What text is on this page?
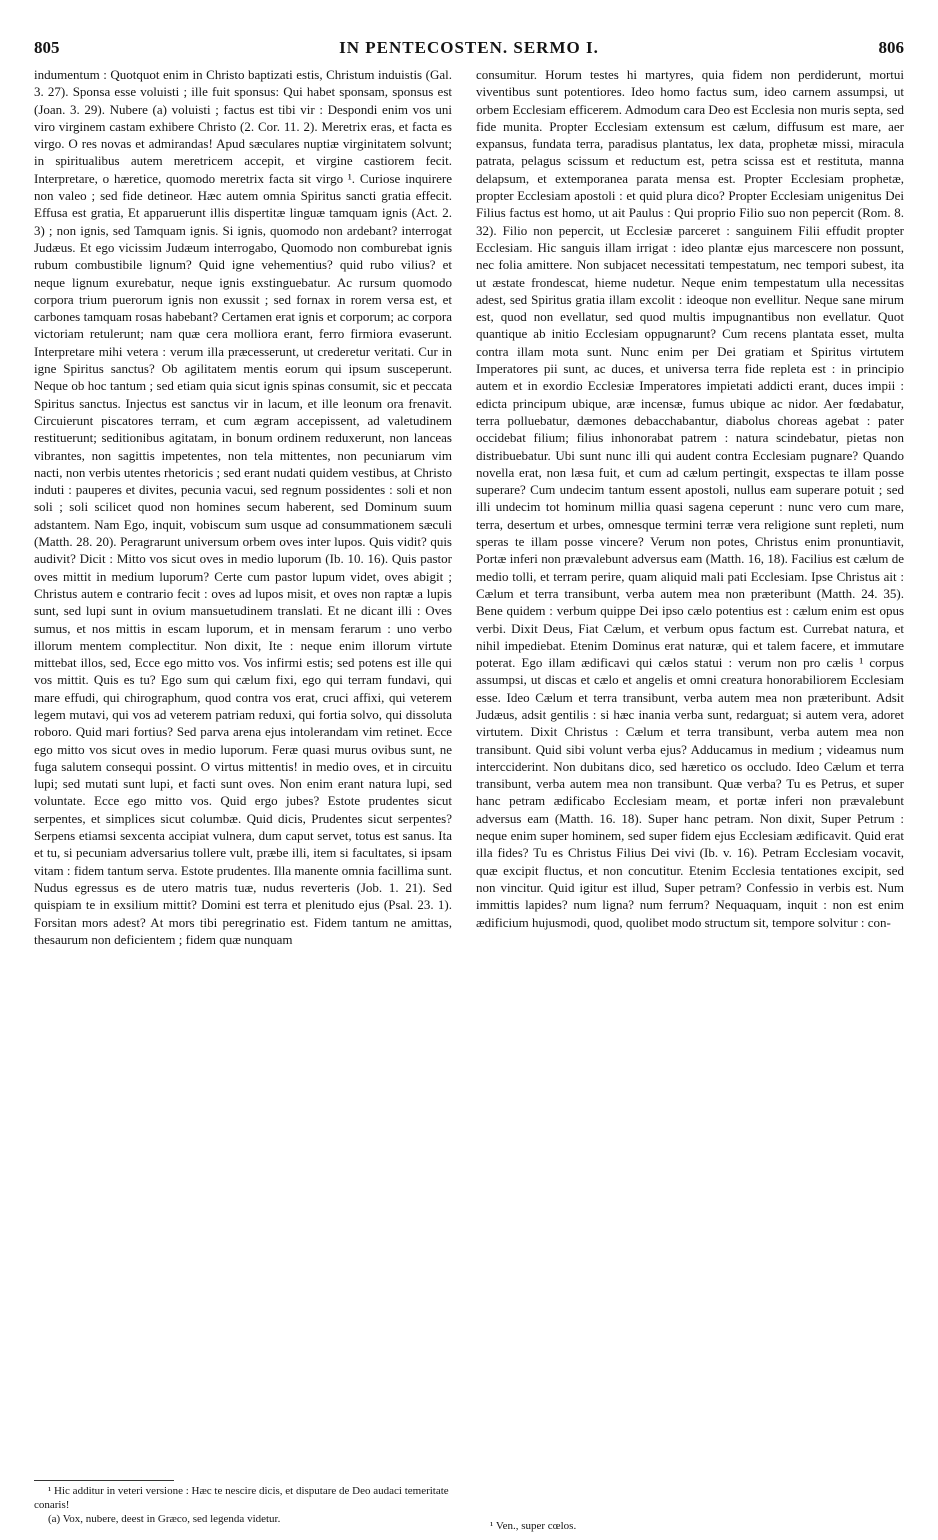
805	IN PENTECOSTEN. SERMO I.	806

indumentum : Quotquot enim in Christo baptizati estis, Christum induistis (Gal. 3. 27). Sponsa esse voluisti ; ille fuit sponsus: Qui habet sponsam, sponsus est (Joan. 3. 29). Nubere (a) voluisti ; factus est tibi vir : Despondi enim vos uni viro virginem castam exhibere Christo (2. Cor. 11. 2). Meretrix eras, et facta es virgo. O res novas et admirandas! Apud sæculares nuptiæ virginitatem solvunt; in spiritualibus autem meretricem accepit, et virgine castiorem fecit. Interpretare, o hæretice, quomodo meretrix facta sit virgo ¹. Curiose inquirere non valeo ; sed fide detineor. Hæc autem omnia Spiritus sancti gratia effecit. Effusa est gratia, Et apparuerunt illis dispertitæ linguæ tamquam ignis (Act. 2. 3) ; non ignis, sed Tamquam ignis. Si ignis, quomodo non ardebant? interrogat Judæus. Et ego vicissim Judæum interrogabo, Quomodo non comburebat ignis rubum combustibile lignum? Quid igne vehementius? quid rubo vilius? et neque lignum exurebatur, neque ignis exstinguebatur. Ac rursum quomodo corpora trium puerorum ignis non exussit ; sed fornax in rorem versa est, et carbones tamquam rosas habebant? Certamen erat ignis et corporum; ac corpora victoriam retulerunt; nam quæ cera molliora erant, ferro firmiora evaserunt. Interpretare mihi vetera : verum illa præcesserunt, ut crederetur veritati. Cur in igne Spiritus sanctus? Ob agilitatem mentis eorum qui ipsum susceperunt. Neque ob hoc tantum ; sed etiam quia sicut ignis spinas consumit, sic et peccata Spiritus sanctus. Injectus est sanctus vir in lacum, et ille leonum ora frenavit. Circuierunt piscatores terram, et cum ægram accepissent, ad valetudinem restituerunt; seditionibus agitatam, in bonum ordinem reduxerunt, non lanceas vibrantes, non sagittis impetentes, non tela mittentes, non pecuniarum vim nacti, non verbis utentes rhetoricis ; sed erant nudati quidem vestibus, at Christo induti : pauperes et divites, pecunia vacui, sed regnum possidentes : soli et non soli ; soli scilicet quod non homines secum haberent, sed Dominum suum adstantem. Nam Ego, inquit, vobiscum sum usque ad consummationem sæculi (Matth. 28. 20). Peragrarunt universum orbem oves inter lupos. Quis vidit? quis audivit? Dicit : Mitto vos sicut oves in medio luporum (Ib. 10. 16). Quis pastor oves mittit in medium luporum? Certe cum pastor lupum videt, oves abigit ; Christus autem e contrario fecit : oves ad lupos misit, et oves non raptæ a lupis sunt, sed lupi sunt in ovium mansuetudinem translati. Et ne dicant illi : Oves sumus, et nos mittis in escam luporum, et in mensam ferarum : uno verbo illorum mentem complectitur. Non dixit, Ite : neque enim illorum virtute mittebat illos, sed, Ecce ego mitto vos. Vos infirmi estis; sed potens est ille qui vos mittit. Quis es tu? Ego sum qui cælum fixi, ego qui terram fundavi, qui mare effudi, qui chirographum, quod contra vos erat, cruci affixi, qui veterem legem mutavi, qui vos ad veterem patriam reduxi, qui fortia solvo, qui dissoluta roboro. Quid mari fortius? Sed parva arena ejus intolerandam vim retinet. Ecce ego mitto vos sicut oves in medio luporum. Feræ quasi murus ovibus sunt, ne fuga salutem consequi possint. O virtus mittentis! in medio oves, et in circuitu lupi; sed mutati sunt lupi, et facti sunt oves. Non enim erant natura lupi, sed voluntate. Ecce ego mitto vos. Quid ergo jubes? Estote prudentes sicut serpentes, et simplices sicut columbæ. Quid dicis, Prudentes sicut serpentes? Serpens etiamsi sexcenta accipiat vulnera, dum caput servet, totus est sanus. Ita et tu, si pecuniam adversarius tollere vult, præbe illi, item si facultates, si ipsam vitam : fidem tantum serva. Estote prudentes. Illa manente omnia facillima sunt. Nudus egressus es de utero matris tuæ, nudus reverteris (Job. 1. 21). Sed quispiam te in exsilium mittit? Domini est terra et plenitudo ejus (Psal. 23. 1). Forsitan mors adest? At mors tibi peregrinatio est. Fidem tantum ne amittas, thesaurum non deficientem ; fidem quæ nunquam

consumitur. Horum testes hi martyres, quia fidem non perdiderunt, mortui viventibus sunt potentiores. Ideo homo factus sum, ideo carnem assumpsi, ut orbem Ecclesiam efficerem. Admodum cara Deo est Ecclesia non muris septa, sed fide munita. Propter Ecclesiam extensum est cælum, diffusum est mare, aer expansus, fundata terra, paradisus plantatus, lex data, prophetæ missi, miracula patrata, pelagus scissum et reductum est, petra scissa est et restituta, manna delapsum, et extemporanea parata mensa est. Propter Ecclesiam prophetæ, propter Ecclesiam apostoli : et quid plura dico? Propter Ecclesiam unigenitus Dei Filius factus est homo, ut ait Paulus : Qui proprio Filio suo non pepercit (Rom. 8. 32). Filio non pepercit, ut Ecclesiæ parceret : sanguinem Filii effudit propter Ecclesiam. Hic sanguis illam irrigat : ideo plantæ ejus marcescere non possunt, nec folia amittere. Non subjacet necessitati tempestatum, nec tempori subest, ita ut æstate frondescat, hieme nudetur. Neque enim tempestatum ulla necessitas adest, sed Spiritus gratia illam excolit : ideoque non evellitur. Neque sane mirum est, quod non evellatur, sed quod multis impugnantibus non evellatur. Quot quantique ab initio Ecclesiam oppugnarunt? Cum recens plantata esset, multa contra illam mota sunt. Nunc enim per Dei gratiam et Spiritus virtutem Imperatores pii sunt, ac duces, et universa terra fide repleta est : in principio autem et in exordio Ecclesiæ Imperatores impietati addicti erant, duces impii : edicta principum ubique, aræ incensæ, fumus ubique ac nidor. Aer fœdabatur, terra polluebatur, dæmones debacchabantur, diabolus choreas agebat : pater occidebat filium; filius inhonorabat patrem : natura scindebatur, pietas non distribuebatur. Ubi sunt nunc illi qui audent contra Ecclesiam pugnare? Quando novella erat, non læsa fuit, et cum ad cælum pertingit, exspectas te illam posse superare? Cum undecim tantum essent apostoli, nullus eam superare potuit ; sed illi undecim tot hominum millia quasi sagena ceperunt : nunc vero cum mare, terra, desertum et urbes, omnesque termini terræ vera religione sunt repleti, num speras te illam posse vincere? Verum non potes, Christus enim pronuntiavit, Portæ inferi non prævalebunt adversus eam (Matth. 16, 18). Facilius est cælum de medio tolli, et terram perire, quam aliquid mali pati Ecclesiam. Ipse Christus ait : Cælum et terra transibunt, verba autem mea non præteribunt (Matth. 24. 35). Bene quidem : verbum quippe Dei ipso cælo potentius est : cælum enim est opus verbi. Dixit Deus, Fiat Cælum, et verbum opus factum est. Currebat natura, et nihil impediebat. Etenim Dominus erat naturæ, qui et talem facere, et immutare poterat. Ego illam ædificavi qui cælos statui : verum non pro cælis ¹ corpus assumpsi, ut discas et cælo et angelis et omni creatura honorabiliorem Ecclesiam esse. Ideo Cælum et terra transibunt, verba autem mea non præteribunt. Adsit Judæus, adsit gentilis : si hæc inania verba sunt, redarguat; si autem vera, adoret virtutem. Dixit Christus : Cælum et terra transibunt, verba autem mea non transibunt. Quid sibi volunt verba ejus? Adducamus in medium ; videamus num intercciderint. Non dubitans dico, sed hæretico os occludo. Ideo Cælum et terra transibunt, verba autem mea non transibunt. Quæ verba? Tu es Petrus, et super hanc petram ædificabo Ecclesiam meam, et portæ inferi non prævalebunt adversus eam (Matth. 16. 18). Super hanc petram. Non dixit, Super Petrum : neque enim super hominem, sed super fidem ejus Ecclesiam ædificavit. Quid erat illa fides? Tu es Christus Filius Dei vivi (Ib. v. 16). Petram Ecclesiam vocavit, quæ excipit fluctus, et non concutitur. Etenim Ecclesia tentationes excipit, sed non vincitur. Quid igitur est illud, Super petram? Confessio in verbis est. Num immittis lapides? num ligna? num ferrum? Nequaquam, inquit : non est enim ædificium hujusmodi, quod, quolibet modo structum sit, tempore solvitur : con-

¹ Hic additur in veteri versione : Hæc te nescire dicis, et disputare de Deo audaci temeritate conaris!

(a) Vox, nubere, deest in Græco, sed legenda videtur.

¹ Ven., super cœlos.
